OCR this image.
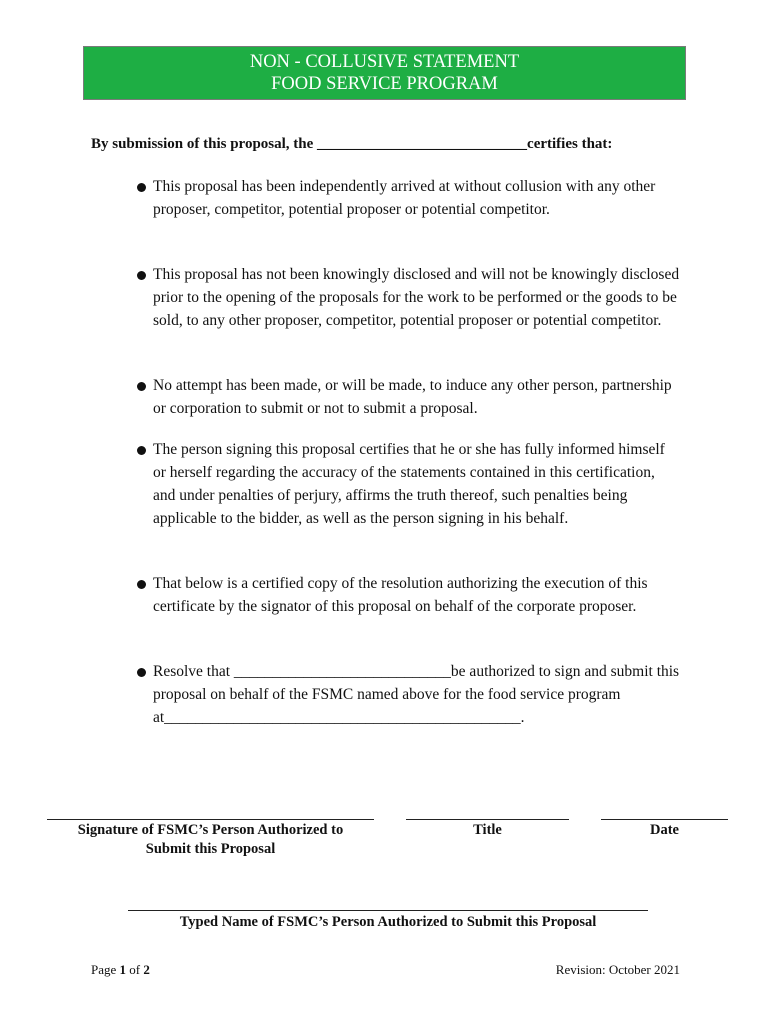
NON - COLLUSIVE STATEMENT
FOOD SERVICE PROGRAM
By submission of this proposal, the ____________________________certifies that:
This proposal has been independently arrived at without collusion with any other proposer, competitor, potential proposer or potential competitor.
This proposal has not been knowingly disclosed and will not be knowingly disclosed prior to the opening of the proposals for the work to be performed or the goods to be sold, to any other proposer, competitor, potential proposer or potential competitor.
No attempt has been made, or will be made, to induce any other person, partnership or corporation to submit or not to submit a proposal.
The person signing this proposal certifies that he or she has fully informed himself or herself regarding the accuracy of the statements contained in this certification, and under penalties of perjury, affirms the truth thereof, such penalties being applicable to the bidder, as well as the person signing in his behalf.
That below is a certified copy of the resolution authorizing the execution of this certificate by the signator of this proposal on behalf of the corporate proposer.
Resolve that ____________________________be authorized to sign and submit this proposal on behalf of the FSMC named above for the food service program at______________________________________________.
Signature of FSMC’s Person Authorized to
Submit this Proposal
Title	Date
Typed Name of FSMC’s Person Authorized to Submit this Proposal
Page 1 of 2	Revision: October 2021
